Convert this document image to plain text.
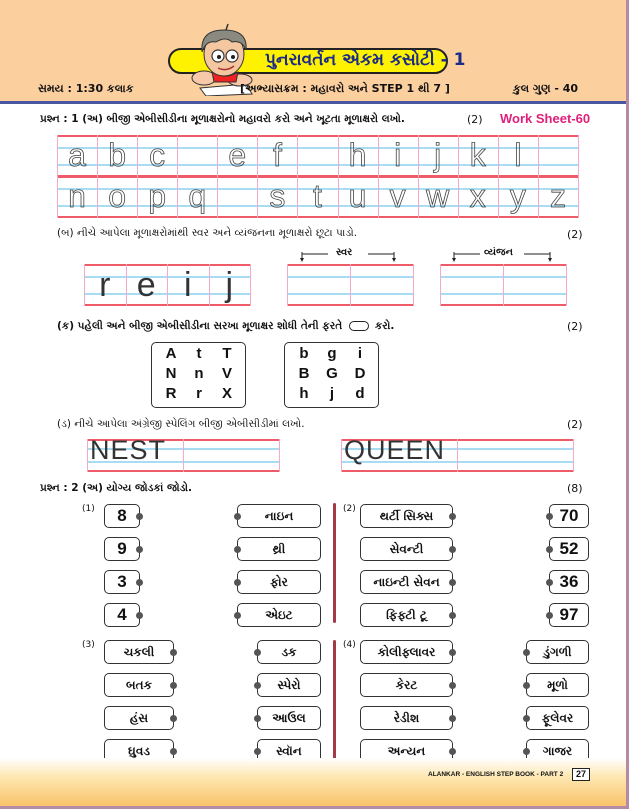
પુનરાવર્તન એકમ કસોટી - 1
સમય : 1:30 કલાક	[અભ્યાસક્રમ : મહાવરો અને STEP 1 થી 7 ]	કુલ ગુણ - 40
પ્રશ્ન : 1 (અ) બીજી એબીસીડીના મૂળાક્ષરોનો મહાવરો કરો અને ખૂટતા મૂળાક્ષરો લખો.	(2) Work Sheet-60
a b c	e f	h i	j k l
n o p q	s t u v w x y z
(બ) નીચે આપેલા મૂળાક્ષરોમાંથી સ્વર અને વ્યંજનના મૂળાક્ષરો છૂટા પાડો.	(2)
r e i j
સ્વર	વ્યંજન
(ક) પહેલી અને બીજી એબીસીડીના સરખા મૂળાક્ષર શોધી તેની ફરતે	કરો.	(2)
A	t	T
N	n	V
R	r	X
b	g	i
B	G	D
h	j	d
(ડ) નીચે આપેલા અંગ્રેજી સ્પેલિંગ બીજી એબીસીડીમાં લખો.	(2)
NEST	QUEEN
પ્રશ્ન : 2 (અ) યોગ્ય જોડકાં જોડો.	(8)
(1) 8
9
3
4
નાઇન
થ્રી
ફોર
એઇટ
(2) થર્ટી સિક્સ
સેવન્ટી
નાઇન્ટી સેવન
ફિફ્ટી ટૂ
70
52
36
97
(3) ચકલી
બતક
હંસ
ઘુવડ
ડક
સ્પેરો
આઉલ
સ્વૉન
(4) કોલીફ્લાવર
કેરટ
રેડીશ
અન્યન
ડુંગળી
મૂળો
ફૂલેવર
ગાજર
ALANKAR - ENGLISH STEP BOOK - PART 2	27
